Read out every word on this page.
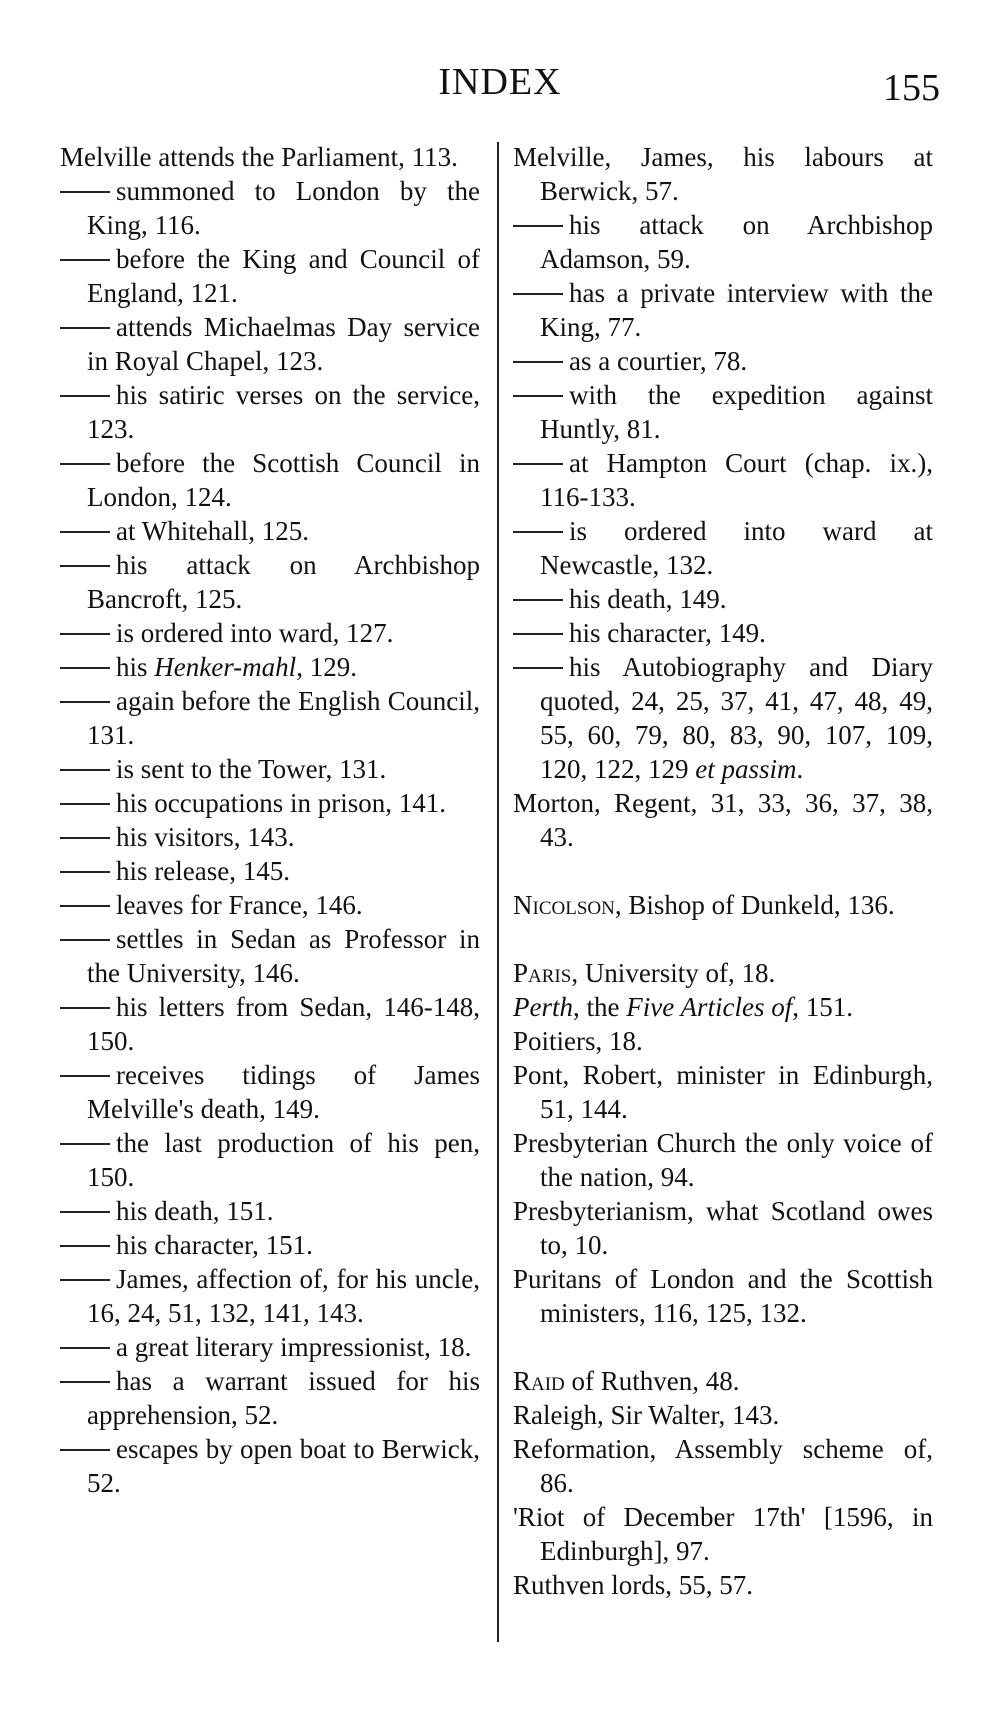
INDEX	155

Melville attends the Parliament, 113.

summoned to London by the King, 116.

before the King and Council of England, 121.

attends Michaelmas Day service in Royal Chapel, 123.

his satiric verses on the service, 123.

before the Scottish Council in London, 124.

at Whitehall, 125.

his attack on Archbishop Bancroft, 125.

is ordered into ward, 127.

his Henker-mahl, 129.

again before the English Council, 131.

is sent to the Tower, 131.

his occupations in prison, 141.

his visitors, 143.

his release, 145.

leaves for France, 146.

settles in Sedan as Professor in the University, 146.

his letters from Sedan, 146-148, 150.

receives tidings of James Melville's death, 149.

the last production of his pen, 150.

his death, 151.

his character, 151.

James, affection of, for his uncle, 16, 24, 51, 132, 141, 143.

a great literary impressionist, 18.

has a warrant issued for his apprehension, 52.

escapes by open boat to Berwick, 52.

Melville, James, his labours at Berwick, 57.

his attack on Archbishop Adamson, 59.

has a private interview with the King, 77.

as a courtier, 78.

with the expedition against Huntly, 81.

at Hampton Court (chap. ix.), 116-133.

is ordered into ward at Newcastle, 132.

his death, 149.

his character, 149.

his Autobiography and Diary quoted, 24, 25, 37, 41, 47, 48, 49, 55, 60, 79, 80, 83, 90, 107, 109, 120, 122, 129 et passim.

Morton, Regent, 31, 33, 36, 37, 38, 43.

Nicolson, Bishop of Dunkeld, 136.

Paris, University of, 18.

Perth, the Five Articles of, 151.

Poitiers, 18.

Pont, Robert, minister in Edinburgh, 51, 144.

Presbyterian Church the only voice of the nation, 94.

Presbyterianism, what Scotland owes to, 10.

Puritans of London and the Scottish ministers, 116, 125, 132.

Raid of Ruthven, 48.

Raleigh, Sir Walter, 143.

Reformation, Assembly scheme of, 86.

'Riot of December 17th' [1596, in Edinburgh], 97.

Ruthven lords, 55, 57.
